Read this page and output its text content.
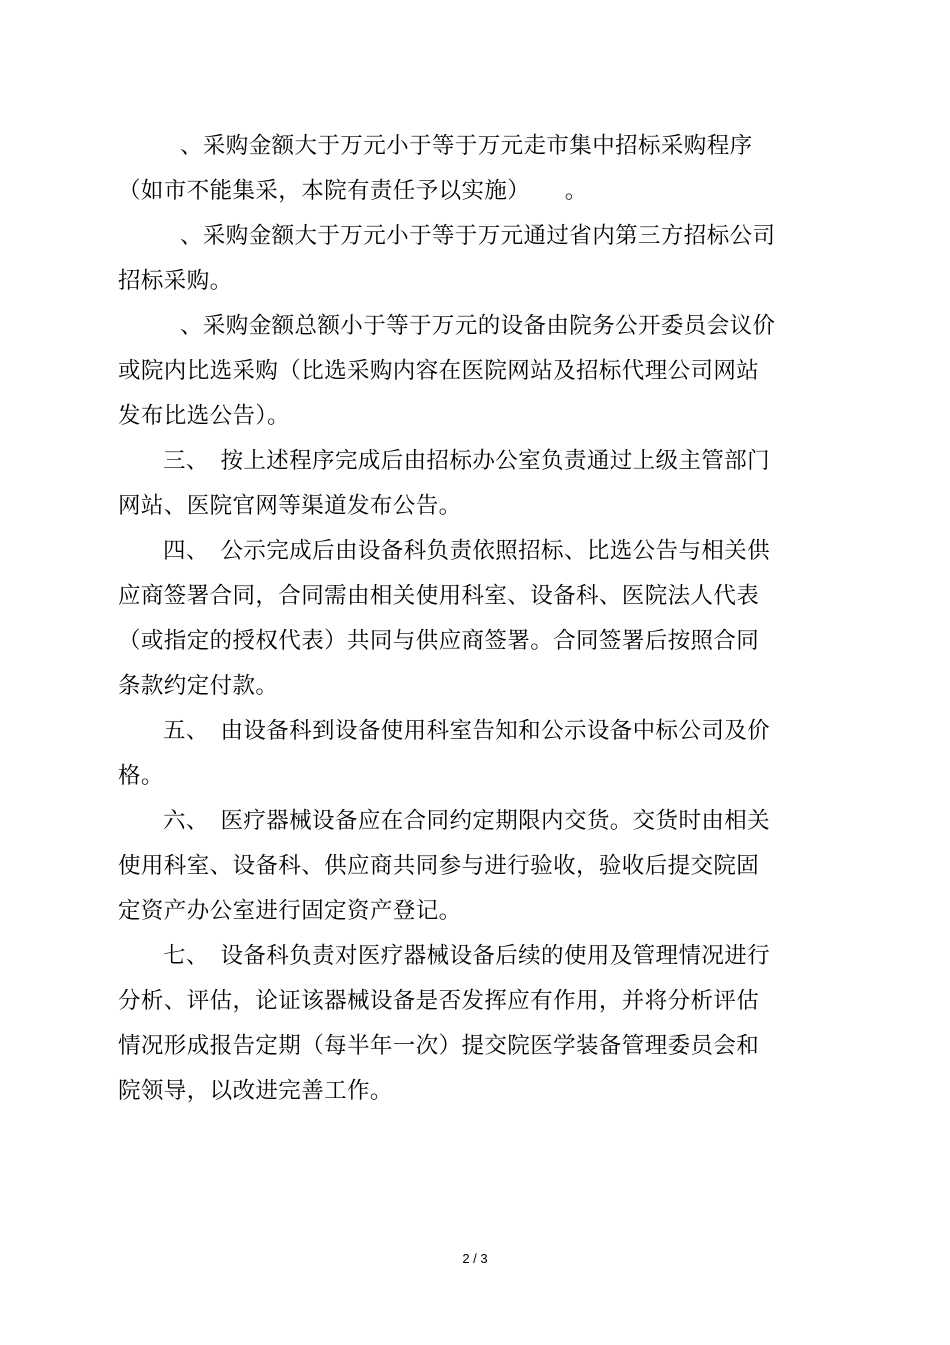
、采购金额大于万元小于等于万元走市集中招标采购程序
（如市不能集采，本院有责任予以实施）　　。
、采购金额大于万元小于等于万元通过省内第三方招标公司
招标采购。
、采购金额总额小于等于万元的设备由院务公开委员会议价
或院内比选采购（比选采购内容在医院网站及招标代理公司网站
发布比选公告）。
三、　按上述程序完成后由招标办公室负责通过上级主管部门
网站、医院官网等渠道发布公告。
四、　公示完成后由设备科负责依照招标、比选公告与相关供
应商签署合同，合同需由相关使用科室、设备科、医院法人代表
（或指定的授权代表）共同与供应商签署。合同签署后按照合同
条款约定付款。
五、　由设备科到设备使用科室告知和公示设备中标公司及价
格。
六、　医疗器械设备应在合同约定期限内交货。交货时由相关
使用科室、设备科、供应商共同参与进行验收，验收后提交院固
定资产办公室进行固定资产登记。
七、　设备科负责对医疗器械设备后续的使用及管理情况进行
分析、评估，论证该器械设备是否发挥应有作用，并将分析评估
情况形成报告定期（每半年一次）提交院医学装备管理委员会和
院领导，以改进完善工作。
2 / 3
